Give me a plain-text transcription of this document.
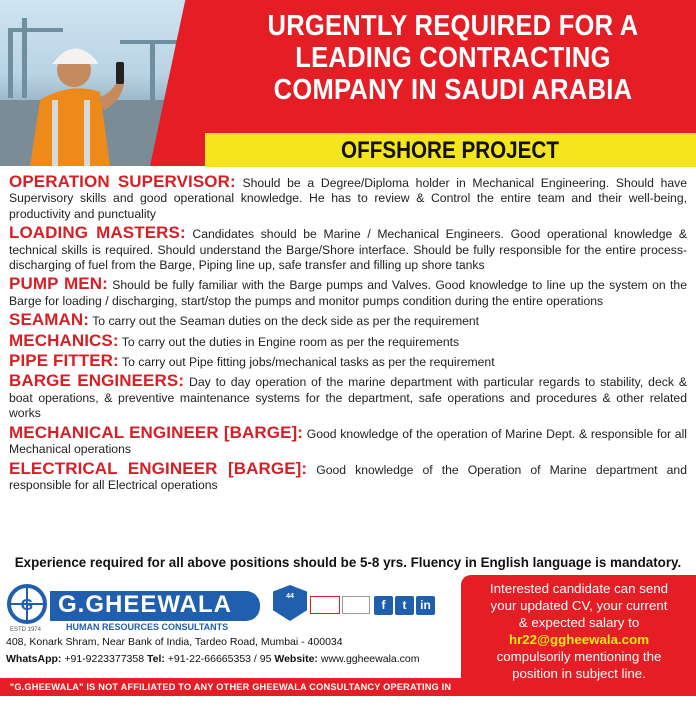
URGENTLY REQUIRED FOR A
LEADING CONTRACTING
COMPANY IN SAUDI ARABIA
OFFSHORE PROJECT

OPERATION SUPERVISOR: Should be a Degree/Diploma holder in Mechanical Engineering. Should have Supervisory skills and good operational knowledge. He has to review & Control the entire team and their well-being, productivity and punctuality

LOADING MASTERS: Candidates should be Marine / Mechanical Engineers. Good operational knowledge & technical skills is required. Should understand the Barge/Shore interface. Should be fully responsible for the entire process-discharging of fuel from the Barge, Piping line up, safe transfer and filling up shore tanks

PUMP MEN: Should be fully familiar with the Barge pumps and Valves. Good knowledge to line up the system on the Barge for loading / discharging, start/stop the pumps and monitor pumps condition during the entire operations

SEAMAN: To carry out the Seaman duties on the deck side as per the requirement

MECHANICS: To carry out the duties in Engine room as per the requirements

PIPE FITTER: To carry out Pipe fitting jobs/mechanical tasks as per the requirement

BARGE ENGINEERS: Day to day operation of the marine department with particular regards to stability, deck & boat operations, & preventive maintenance systems for the department, safe operations and procedures & other related works

MECHANICAL ENGINEER [BARGE]: Good knowledge of the operation of Marine Dept. & responsible for all Mechanical operations

ELECTRICAL ENGINEER [BARGE]: Good knowledge of the Operation of Marine department and responsible for all Electrical operations

Experience required for all above positions should be 5-8 yrs. Fluency in English language is mandatory.
G G.GHEEWALA
HUMAN RESOURCES CONSULTANTS
ESTD 1974
408, Konark Shram, Near Bank of India, Tardeo Road, Mumbai - 400034
WhatsApp: +91-9223377358 Tel: +91-22-66665353 / 95 Website: www.ggheewala.com
44
f	t	in
Interested candidate can send
your updated CV, your current
& expected salary to
hr22@ggheewala.com
compulsorily mentioning the
position in subject line.
"G.GHEEWALA" IS NOT AFFILIATED TO ANY OTHER GHEEWALA CONSULTANCY OPERATING IN INDIA
